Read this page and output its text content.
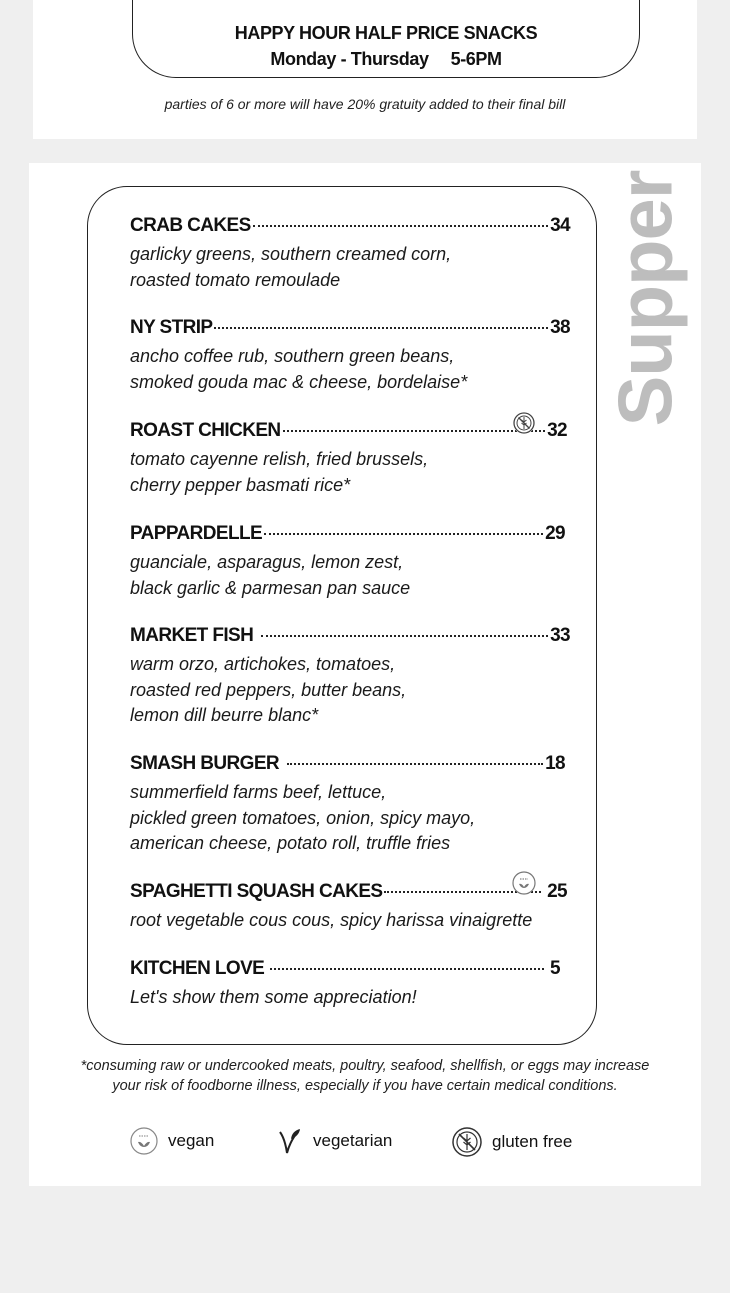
HAPPY HOUR HALF PRICE SNACKS
Monday - Thursday 5-6PM
parties of 6 or more will have 20% gratuity added to their final bill
Supper
CRAB CAKES	34
garlicky greens, southern creamed corn,
roasted tomato remoulade
NY STRIP	38
ancho coffee rub, southern green beans,
smoked gouda mac & cheese, bordelaise*
ROAST CHICKEN	32
tomato cayenne relish, fried brussels,
cherry pepper basmati rice*
PAPPARDELLE	29
guanciale, asparagus, lemon zest,
black garlic & parmesan pan sauce
MARKET FISH	33
warm orzo, artichokes, tomatoes,
roasted red peppers, butter beans,
lemon dill beurre blanc*
SMASH BURGER	18
summerfield farms beef, lettuce,
pickled green tomatoes, onion, spicy mayo,
american cheese, potato roll, truffle fries
SPAGHETTI SQUASH CAKES	25
root vegetable cous cous, spicy harissa vinaigrette
KITCHEN LOVE	5
Let's show them some appreciation!
*consuming raw or undercooked meats, poultry, seafood, shellfish, or eggs may increase
your risk of foodborne illness, especially if you have certain medical conditions.
vegan	vegetarian	gluten free
